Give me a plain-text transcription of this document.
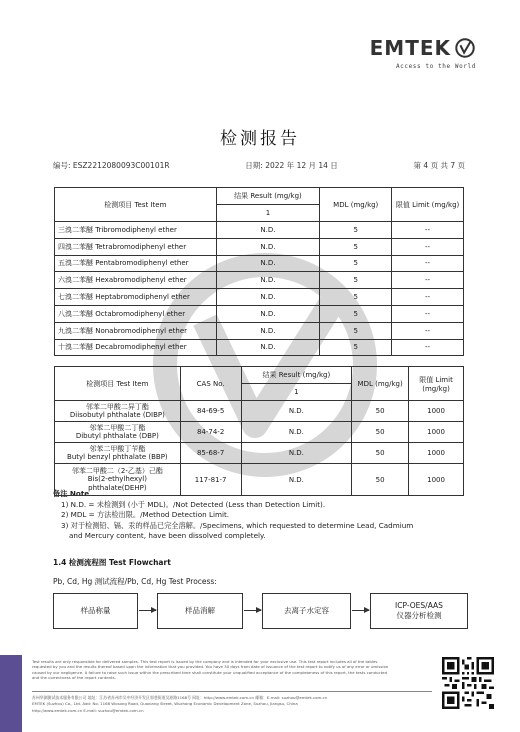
EMTEK
Access to the World
检测报告
编号: ESZ2212080093C00101R	日期: 2022 年 12 月 14 日	第 4 页 共 7 页
检测项目 Test Item	结果 Result (mg/kg)	MDL (mg/kg)	限值 Limit (mg/kg)
	1		
三溴二苯醚 Tribromodiphenyl ether	N.D.	5	--
四溴二苯醚 Tetrabromodiphenyl ether	N.D.	5	--
五溴二苯醚 Pentabromodiphenyl ether	N.D.	5	--
六溴二苯醚 Hexabromodiphenyl ether	N.D.	5	--
七溴二苯醚 Heptabromodiphenyl ether	N.D.	5	--
八溴二苯醚 Octabromodiphenyl ether	N.D.	5	--
九溴二苯醚 Nonabromodiphenyl ether	N.D.	5	--
十溴二苯醚 Decabromodiphenyl ether	N.D.	5	--
检测项目 Test Item	CAS No.	结果 Result (mg/kg)	MDL (mg/kg)	限值 Limit (mg/kg)
		1		

邻苯二甲酸二异丁酯
Diisobutyl phthalate (DIBP)	84-69-5	N.D.	50	1000

邻苯二甲酸二丁酯
Dibutyl phthalate (DBP)	84-74-2	N.D.	50	1000

邻苯二甲酸丁苄酯
Butyl benzyl phthalate (BBP)	85-68-7	N.D.	50	1000

邻苯二甲酸二（2-乙基）己酯
Bis(2-ethylhexyl) phthalate(DEHP)	117-81-7	N.D.	50	1000
备注 Note
1) N.D. = 未检测到 (小于 MDL)。/Not Detected (Less than Detection Limit).
2) MDL = 方法检出限。/Method Detection Limit.
3) 对于检测铅、镉、汞的样品已完全溶解。/Specimens, which requested to determine Lead, Cadmium
and Mercury content, have been dissolved completely.
1.4 检测流程图 Test Flowchart
Pb, Cd, Hg 测试流程/Pb, Cd, Hg Test Process:
样品称量	样品消解	去离子水定容
ICP-OES/AAS
仪器分析检测
Test results are only responsible for delivered samples. This test report is issued by the company and is intended for your exclusive use. This test report includes all of the tables
requested by you and the results thereof based upon the information that you provided. You have 30 days from date of issuance of the test report to notify us of any error or omission
caused by our negligence. A failure to raise such issue within the prescribed time shall constitute your unqualified acceptance of the completeness of this report, the tests conducted
and the correctness of the report contents.
苏州华测测试技术服务有限公司 地址：江苏省苏州市吴中经济开发区郭巷街道吴淞路1168号 网址：http://www.emtek.com.cn 邮箱：E-mail: suzhou@emtek.com.cn
EMTEK (Suzhou) Co., Ltd. Add: No. 1168 Wusong Road, Guoxiang Street, Wuzhong Economic Development Zone, Suzhou, Jiangsu, China
http://www.emtek.com.cn E-mail: suzhou@emtek.com.cn
